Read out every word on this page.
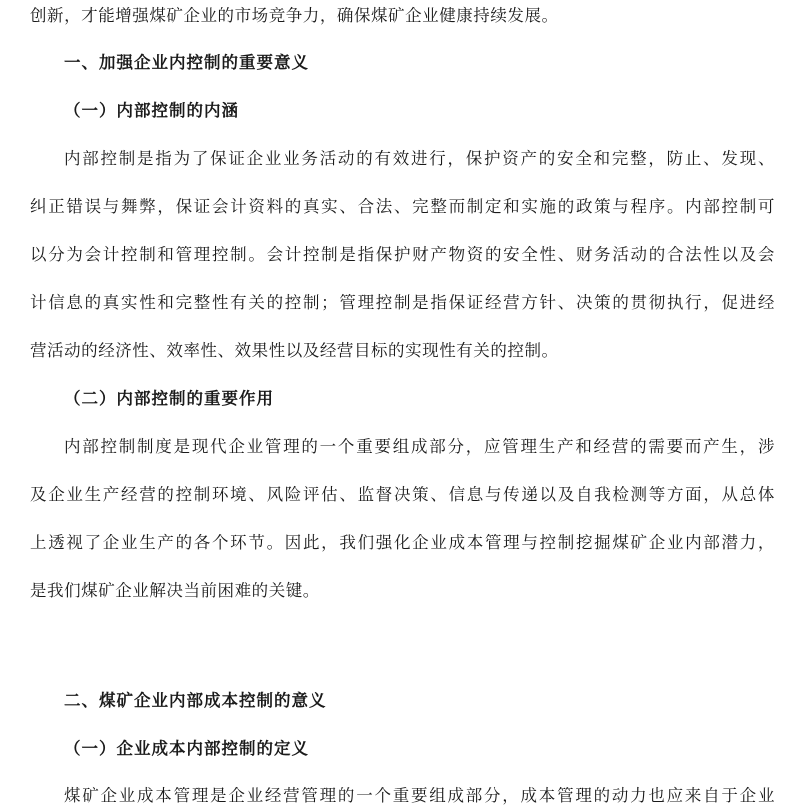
创新，才能增强煤矿企业的市场竞争力，确保煤矿企业健康持续发展。
一、加强企业内控制的重要意义
（一）内部控制的内涵
内部控制是指为了保证企业业务活动的有效进行，保护资产的安全和完整，防止、发现、
纠正错误与舞弊，保证会计资料的真实、合法、完整而制定和实施的政策与程序。内部控制可
以分为会计控制和管理控制。会计控制是指保护财产物资的安全性、财务活动的合法性以及会
计信息的真实性和完整性有关的控制；管理控制是指保证经营方针、决策的贯彻执行，促进经
营活动的经济性、效率性、效果性以及经营目标的实现性有关的控制。
（二）内部控制的重要作用
内部控制制度是现代企业管理的一个重要组成部分，应管理生产和经营的需要而产生，涉
及企业生产经营的控制环境、风险评估、监督决策、信息与传递以及自我检测等方面，从总体
上透视了企业生产的各个环节。因此，我们强化企业成本管理与控制挖掘煤矿企业内部潜力，
是我们煤矿企业解决当前困难的关键。
二、煤矿企业内部成本控制的意义
（一）企业成本内部控制的定义
煤矿企业成本管理是企业经营管理的一个重要组成部分，成本管理的动力也应来自于企业
